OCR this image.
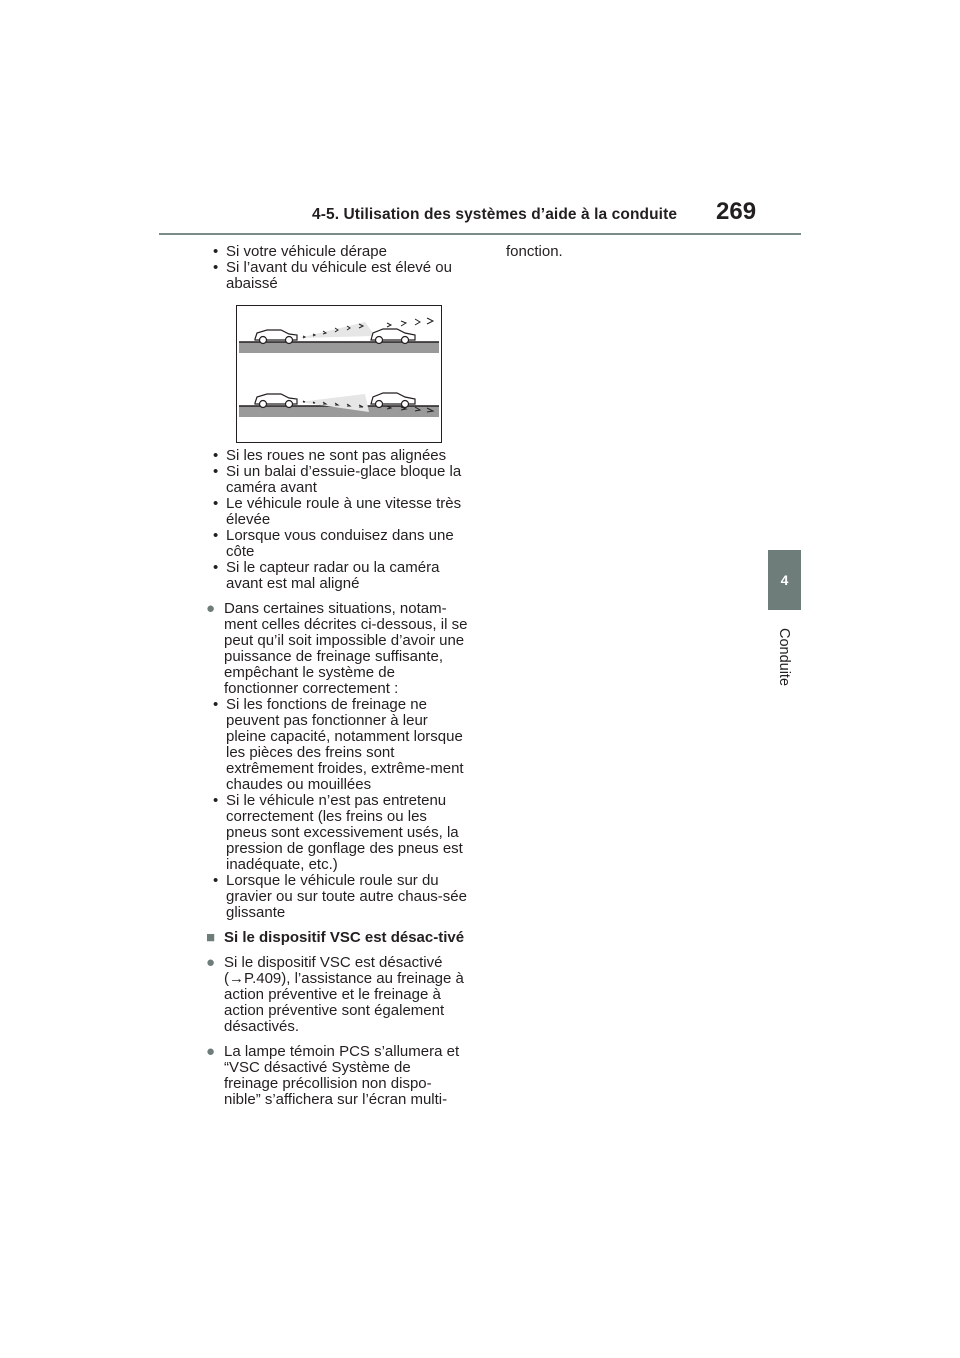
4-5. Utilisation des systèmes d’aide à la conduite 269
4
Conduite

• Si votre véhicule dérape

• Si l’avant du véhicule est élevé ou abaissé

• Si les roues ne sont pas alignées

• Si un balai d’essuie-glace bloque la caméra avant

• Le véhicule roule à une vitesse très élevée

• Lorsque vous conduisez dans une côte

• Si le capteur radar ou la caméra avant est mal aligné

● Dans certaines situations, notam-ment celles décrites ci-dessous, il se peut qu’il soit impossible d’avoir une puissance de freinage suffisante, empêchant le système de fonctionner correctement :

• Si les fonctions de freinage ne peuvent pas fonctionner à leur pleine capacité, notamment lorsque les pièces des freins sont extrêmement froides, extrême-ment chaudes ou mouillées

• Si le véhicule n’est pas entretenu correctement (les freins ou les pneus sont excessivement usés, la pression de gonflage des pneus est inadéquate, etc.)

• Lorsque le véhicule roule sur du gravier ou sur toute autre chaus-sée glissante

■ Si le dispositif VSC est désac-tivé

● Si le dispositif VSC est désactivé (→P.409), l’assistance au freinage à action préventive et le freinage à action préventive sont également désactivés.

● La lampe témoin PCS s’allumera et “VSC désactivé Système de freinage précollision non dispo-nible” s’affichera sur l’écran multi-

fonction.
